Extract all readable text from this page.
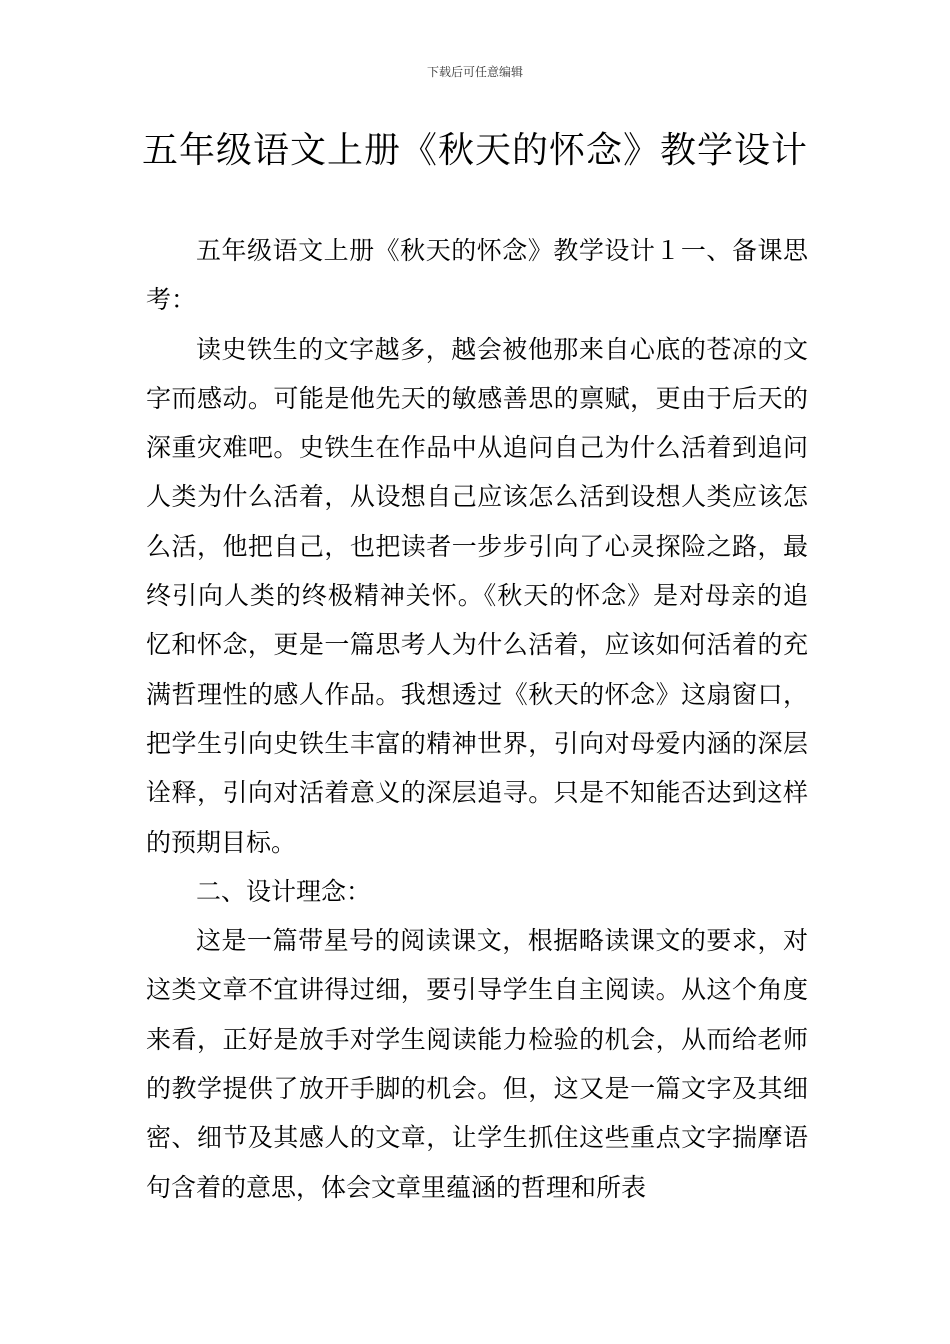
下载后可任意编辑
五年级语文上册《秋天的怀念》教学设计

五年级语文上册《秋天的怀念》教学设计１一、备课思考：

读史铁生的文字越多，越会被他那来自心底的苍凉的文字而感动。可能是他先天的敏感善思的禀赋，更由于后天的深重灾难吧。史铁生在作品中从追问自己为什么活着到追问人类为什么活着，从设想自己应该怎么活到设想人类应该怎么活，他把自己，也把读者一步步引向了心灵探险之路，最终引向人类的终极精神关怀。《秋天的怀念》是对母亲的追忆和怀念，更是一篇思考人为什么活着，应该如何活着的充满哲理性的感人作品。我想透过《秋天的怀念》这扇窗口，把学生引向史铁生丰富的精神世界，引向对母爱内涵的深层诠释，引向对活着意义的深层追寻。只是不知能否达到这样的预期目标。

二、设计理念：

这是一篇带星号的阅读课文，根据略读课文的要求，对这类文章不宜讲得过细，要引导学生自主阅读。从这个角度来看，正好是放手对学生阅读能力检验的机会，从而给老师的教学提供了放开手脚的机会。但，这又是一篇文字及其细密、细节及其感人的文章，让学生抓住这些重点文字揣摩语句含着的意思，体会文章里蕴涵的哲理和所表
